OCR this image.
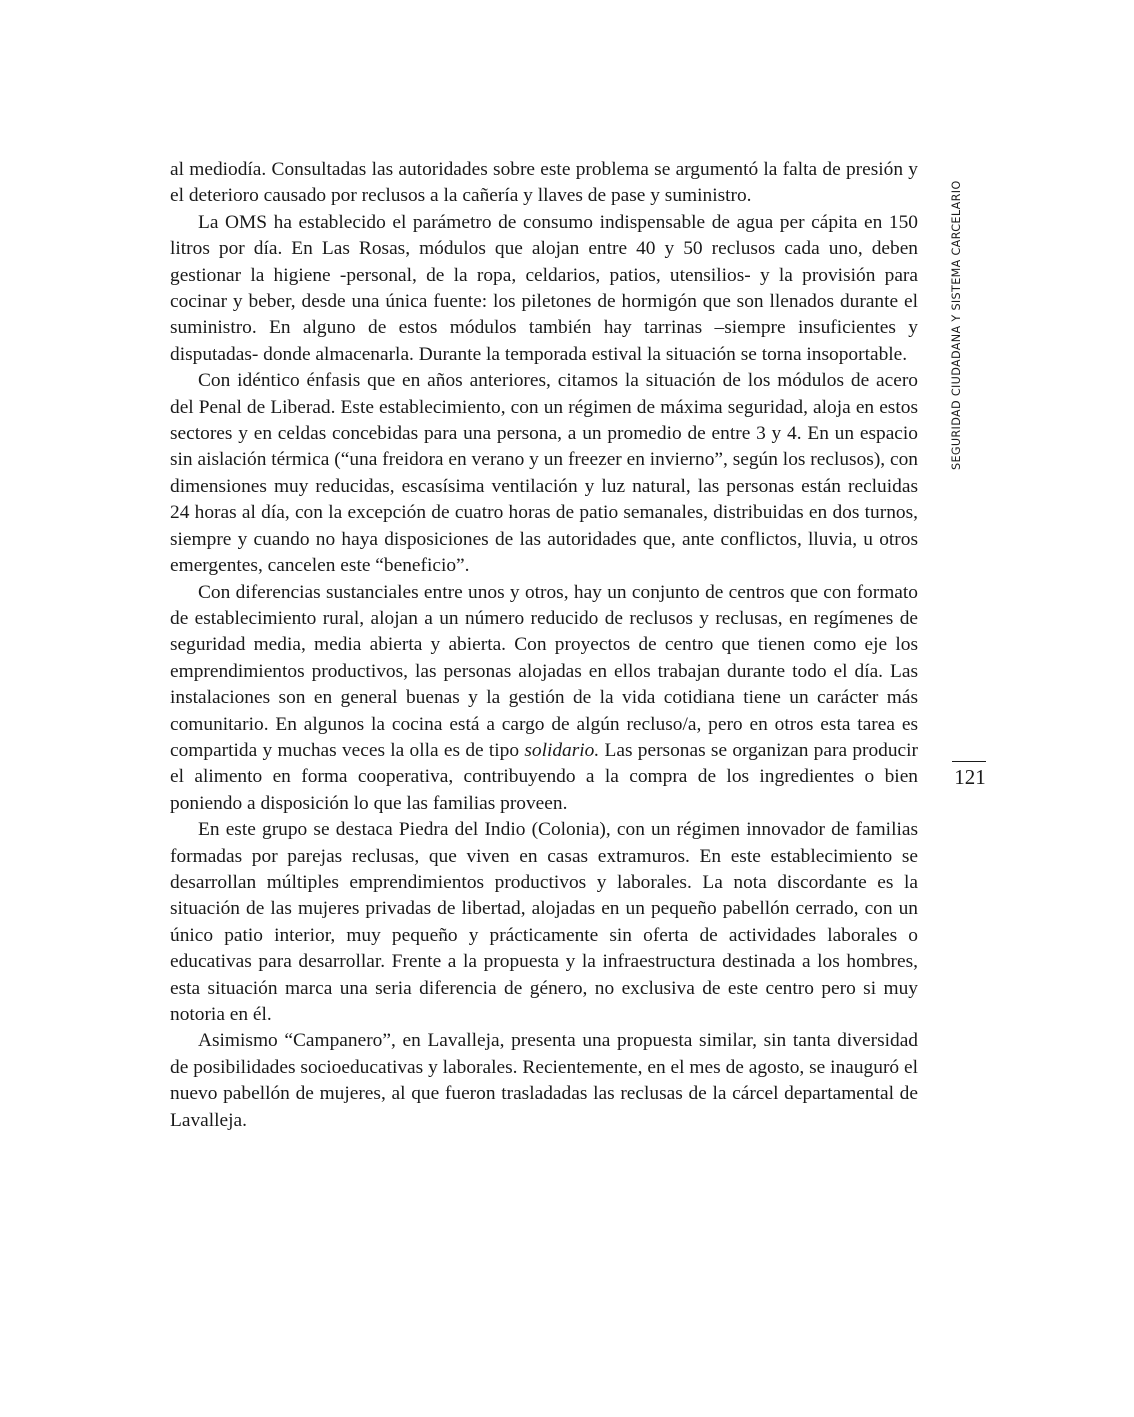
al mediodía. Consultadas las autoridades sobre este problema se argumentó la falta de presión y el deterioro causado por reclusos a la cañería y llaves de pase y suministro.

La OMS ha establecido el parámetro de consumo indispensable de agua per cápita en 150 litros por día. En Las Rosas, módulos que alojan entre 40 y 50 reclusos cada uno, deben gestionar la higiene -personal, de la ropa, celdarios, patios, utensilios- y la provisión para cocinar y beber, desde una única fuente: los piletones de hormigón que son llenados durante el suministro. En alguno de estos módulos también hay tarrinas –siempre insuficientes y disputadas- donde almacenarla. Durante la temporada estival la situación se torna insoportable.

Con idéntico énfasis que en años anteriores, citamos la situación de los módulos de acero del Penal de Liberad. Este establecimiento, con un régimen de máxima seguridad, aloja en estos sectores y en celdas concebidas para una persona, a un promedio de entre 3 y 4. En un espacio sin aislación térmica (“una freidora en verano y un freezer en invierno”, según los reclusos), con dimensiones muy reducidas, escasísima ventilación y luz natural, las personas están recluidas 24 horas al día, con la excepción de cuatro horas de patio semanales, distribuidas en dos turnos, siempre y cuando no haya disposiciones de las autoridades que, ante conflictos, lluvia, u otros emergentes, cancelen este “beneficio”.

Con diferencias sustanciales entre unos y otros, hay un conjunto de centros que con formato de establecimiento rural, alojan a un número reducido de reclusos y reclusas, en regímenes de seguridad media, media abierta y abierta. Con proyectos de centro que tienen como eje los emprendimientos productivos, las personas alojadas en ellos trabajan durante todo el día. Las instalaciones son en general buenas y la gestión de la vida cotidiana tiene un carácter más comunitario. En algunos la cocina está a cargo de algún recluso/a, pero en otros esta tarea es compartida y muchas veces la olla es de tipo solidario. Las personas se organizan para producir el alimento en forma cooperativa, contribuyendo a la compra de los ingredientes o bien poniendo a disposición lo que las familias proveen.

En este grupo se destaca Piedra del Indio (Colonia), con un régimen innovador de familias formadas por parejas reclusas, que viven en casas extramuros. En este establecimiento se desarrollan múltiples emprendimientos productivos y laborales. La nota discordante es la situación de las mujeres privadas de libertad, alojadas en un pequeño pabellón cerrado, con un único patio interior, muy pequeño y prácticamente sin oferta de actividades laborales o educativas para desarrollar. Frente a la propuesta y la infraestructura destinada a los hombres, esta situación marca una seria diferencia de género, no exclusiva de este centro pero si muy notoria en él.

Asimismo “Campanero”, en Lavalleja, presenta una propuesta similar, sin tanta diversidad de posibilidades socioeducativas y laborales. Recientemente, en el mes de agosto, se inauguró el nuevo pabellón de mujeres, al que fueron trasladadas las reclusas de la cárcel departamental de Lavalleja.

SEGURIDAD CIUDADANA Y SISTEMA CARCELARIO
121
